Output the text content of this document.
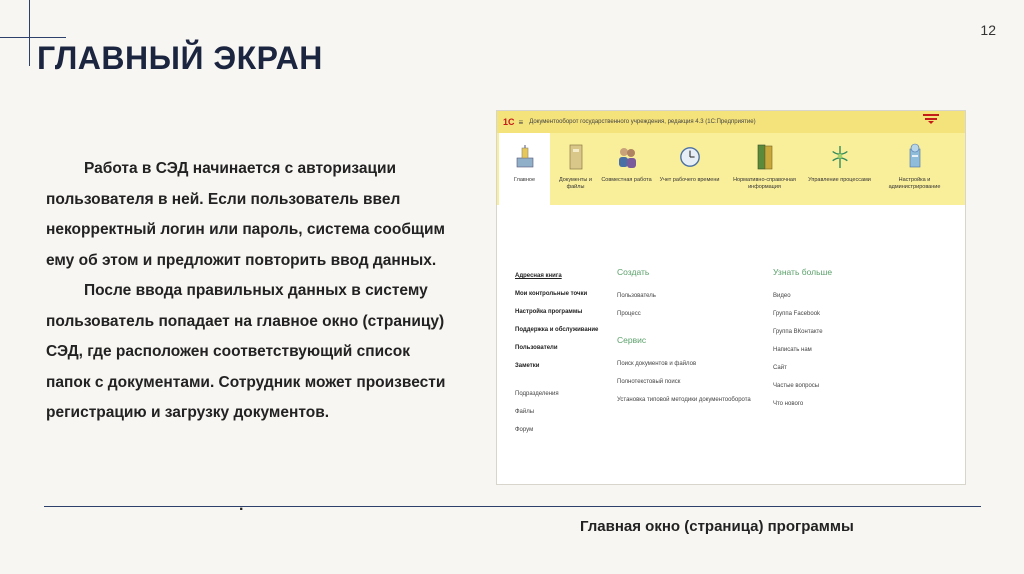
12
ГЛАВНЫЙ ЭКРАН

Работа в СЭД начинается с авторизации пользователя в ней. Если пользователь ввел некорректный логин или пароль, система сообщим ему об этом и предложит повторить ввод данных.

После ввода правильных данных в систему пользователь попадает на главное окно (страницу) СЭД, где расположен соответствующий список папок с документами. Сотрудник может произвести регистрацию и загрузку документов.

1С ≡ Документооборот государственного учреждения, редакция 4.3 (1С:Предприятие)
Главное	Документы и файлы
Совместная работа Учет рабочего времени	Нормативно-справочная информация
Управление процессами	Настройка и администрирование
Адресная книга
Мои контрольные точки
Настройка программы
Поддержка и обслуживание
Пользователи
Заметки
Подразделения
Файлы
Форум
Создать
Пользователь
Процесс
Сервис
Поиск документов и файлов
Полнотекстовый поиск
Установка типовой методики документооборота
Узнать больше
Видео
Группа Facebook
Группа ВКонтакте
Написать нам
Сайт
Частые вопросы
Что нового
Главная окно (страница) программы
